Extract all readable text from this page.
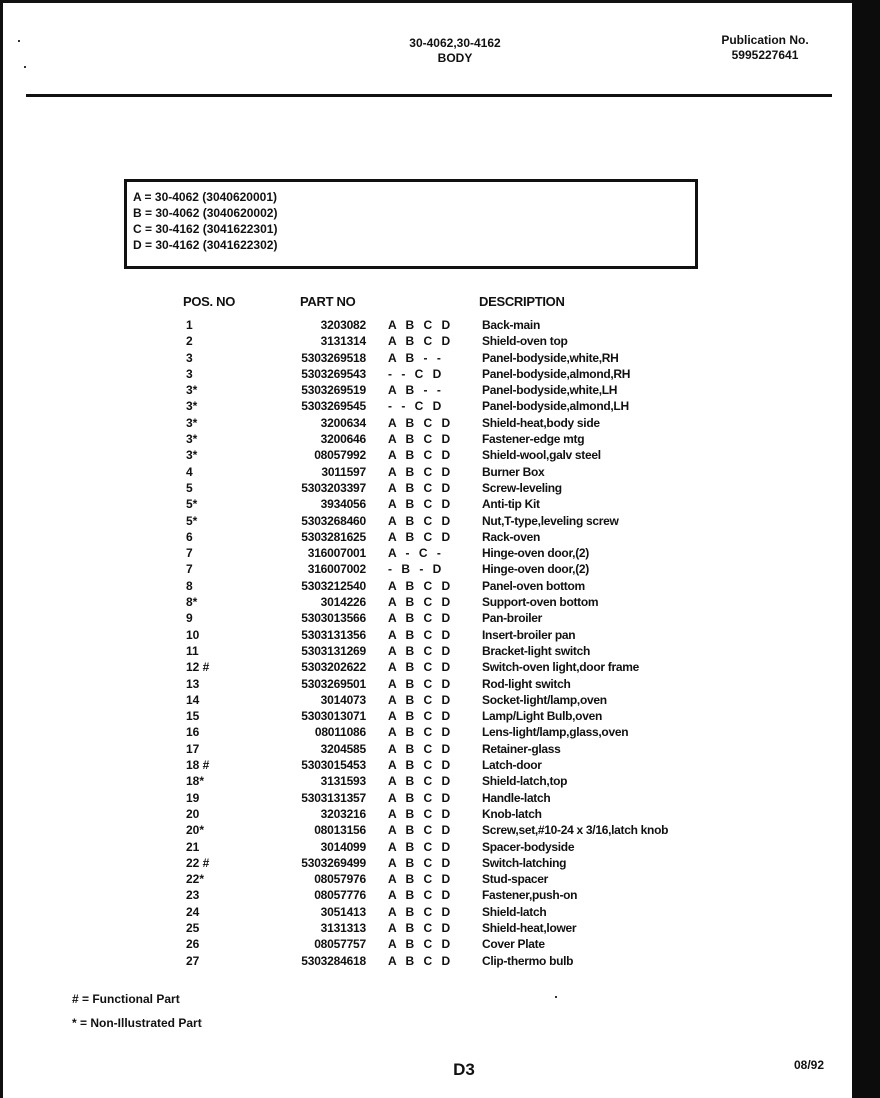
30-4062,30-4162
BODY
Publication No.
5995227641
A = 30-4062 (3040620001)
B = 30-4062 (3040620002)
C = 30-4162 (3041622301)
D = 30-4162 (3041622302)
POS. NO	PART NO	DESCRIPTION
1	3203082 A B C D	Back-main
2	3131314 A B C D	Shield-oven top
3	5303269518 A B - -	Panel-bodyside,white,RH
3	5303269543 - - C D	Panel-bodyside,almond,RH
3*	5303269519 A B - -	Panel-bodyside,white,LH
3*	5303269545 - - C D	Panel-bodyside,almond,LH
3*	3200634 A B C D	Shield-heat,body side
3*	3200646 A B C D	Fastener-edge mtg
3*	08057992 A B C D	Shield-wool,galv steel
4	3011597 A B C D	Burner Box
5	5303203397 A B C D	Screw-leveling
5*	3934056 A B C D	Anti-tip Kit
5*	5303268460 A B C D	Nut,T-type,leveling screw
6	5303281625 A B C D	Rack-oven
7	316007001 A - C -	Hinge-oven door,(2)
7	316007002 - B - D	Hinge-oven door,(2)
8	5303212540 A B C D	Panel-oven bottom
8*	3014226 A B C D	Support-oven bottom
9	5303013566 A B C D	Pan-broiler
10	5303131356 A B C D	Insert-broiler pan
11	5303131269 A B C D	Bracket-light switch
12 #	5303202622 A B C D	Switch-oven light,door frame
13	5303269501 A B C D	Rod-light switch
14	3014073 A B C D	Socket-light/lamp,oven
15	5303013071 A B C D	Lamp/Light Bulb,oven
16	08011086 A B C D	Lens-light/lamp,glass,oven
17	3204585 A B C D	Retainer-glass
18 #	5303015453 A B C D	Latch-door
18*	3131593 A B C D	Shield-latch,top
19	5303131357 A B C D	Handle-latch
20	3203216 A B C D	Knob-latch
20*	08013156 A B C D	Screw,set,#10-24 x 3/16,latch knob
21	3014099 A B C D	Spacer-bodyside
22 #	5303269499 A B C D	Switch-latching
22*	08057976 A B C D	Stud-spacer
23	08057776 A B C D	Fastener,push-on
24	3051413 A B C D	Shield-latch
25	3131313 A B C D	Shield-heat,lower
26	08057757 A B C D	Cover Plate
27	5303284618 A B C D	Clip-thermo bulb
# = Functional Part
* = Non-Illustrated Part
D3	08/92
